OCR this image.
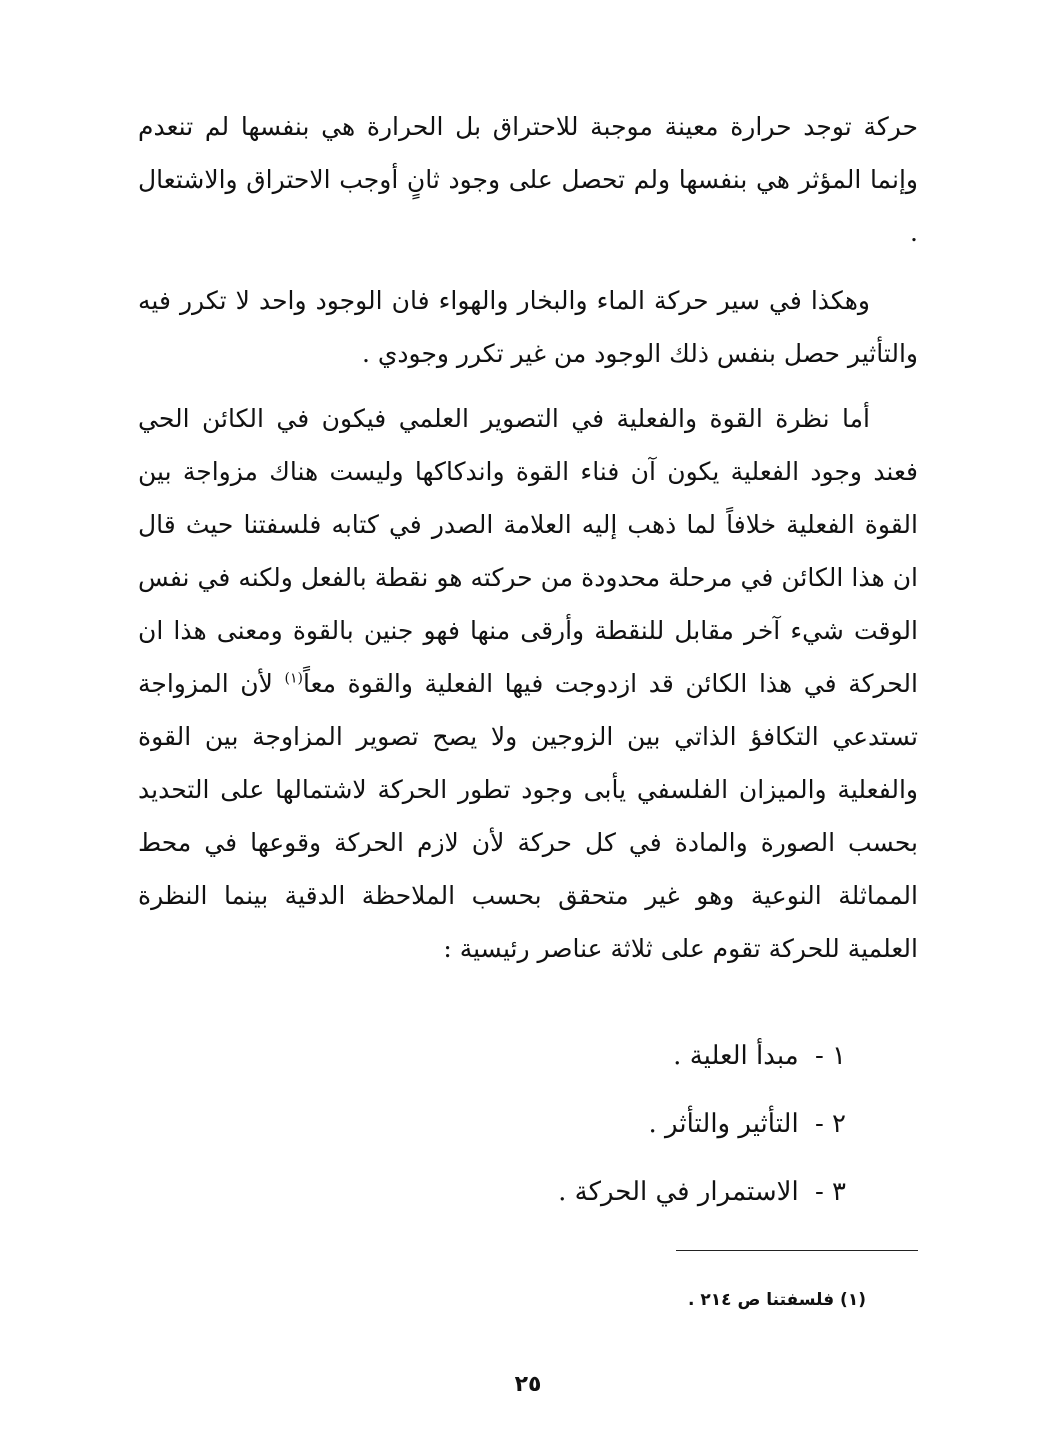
حركة توجد حرارة معينة موجبة للاحتراق بل الحرارة هي بنفسها لم تنعدم وإنما المؤثر هي بنفسها ولم تحصل على وجود ثانٍ أوجب الاحتراق والاشتعال .

وهكذا في سير حركة الماء والبخار والهواء فان الوجود واحد لا تكرر فيه والتأثير حصل بنفس ذلك الوجود من غير تكرر وجودي .

أما نظرة القوة والفعلية في التصوير العلمي فيكون في الكائن الحي فعند وجود الفعلية يكون آن فناء القوة واندكاكها وليست هناك مزواجة بين القوة الفعلية خلافاً لما ذهب إليه العلامة الصدر في كتابه فلسفتنا حيث قال ان هذا الكائن في مرحلة محدودة من حركته هو نقطة بالفعل ولكنه في نفس الوقت شيء آخر مقابل للنقطة وأرقى منها فهو جنين بالقوة ومعنى هذا ان الحركة في هذا الكائن قد ازدوجت فيها الفعلية والقوة معاً$^{(١)}$ لأن المزواجة تستدعي التكافؤ الذاتي بين الزوجين ولا يصح تصوير المزاوجة بين القوة والفعلية والميزان الفلسفي يأبى وجود تطور الحركة لاشتمالها على التحديد بحسب الصورة والمادة في كل حركة لأن لازم الحركة وقوعها في محط المماثلة النوعية وهو غير متحقق بحسب الملاحظة الدقية بينما النظرة العلمية للحركة تقوم على ثلاثة عناصر رئيسية :

١ - مبدأ العلية .
٢ - التأثير والتأثر .
٣ - الاستمرار في الحركة .
(١) فلسفتنا ص ٢١٤ .
٢٥
